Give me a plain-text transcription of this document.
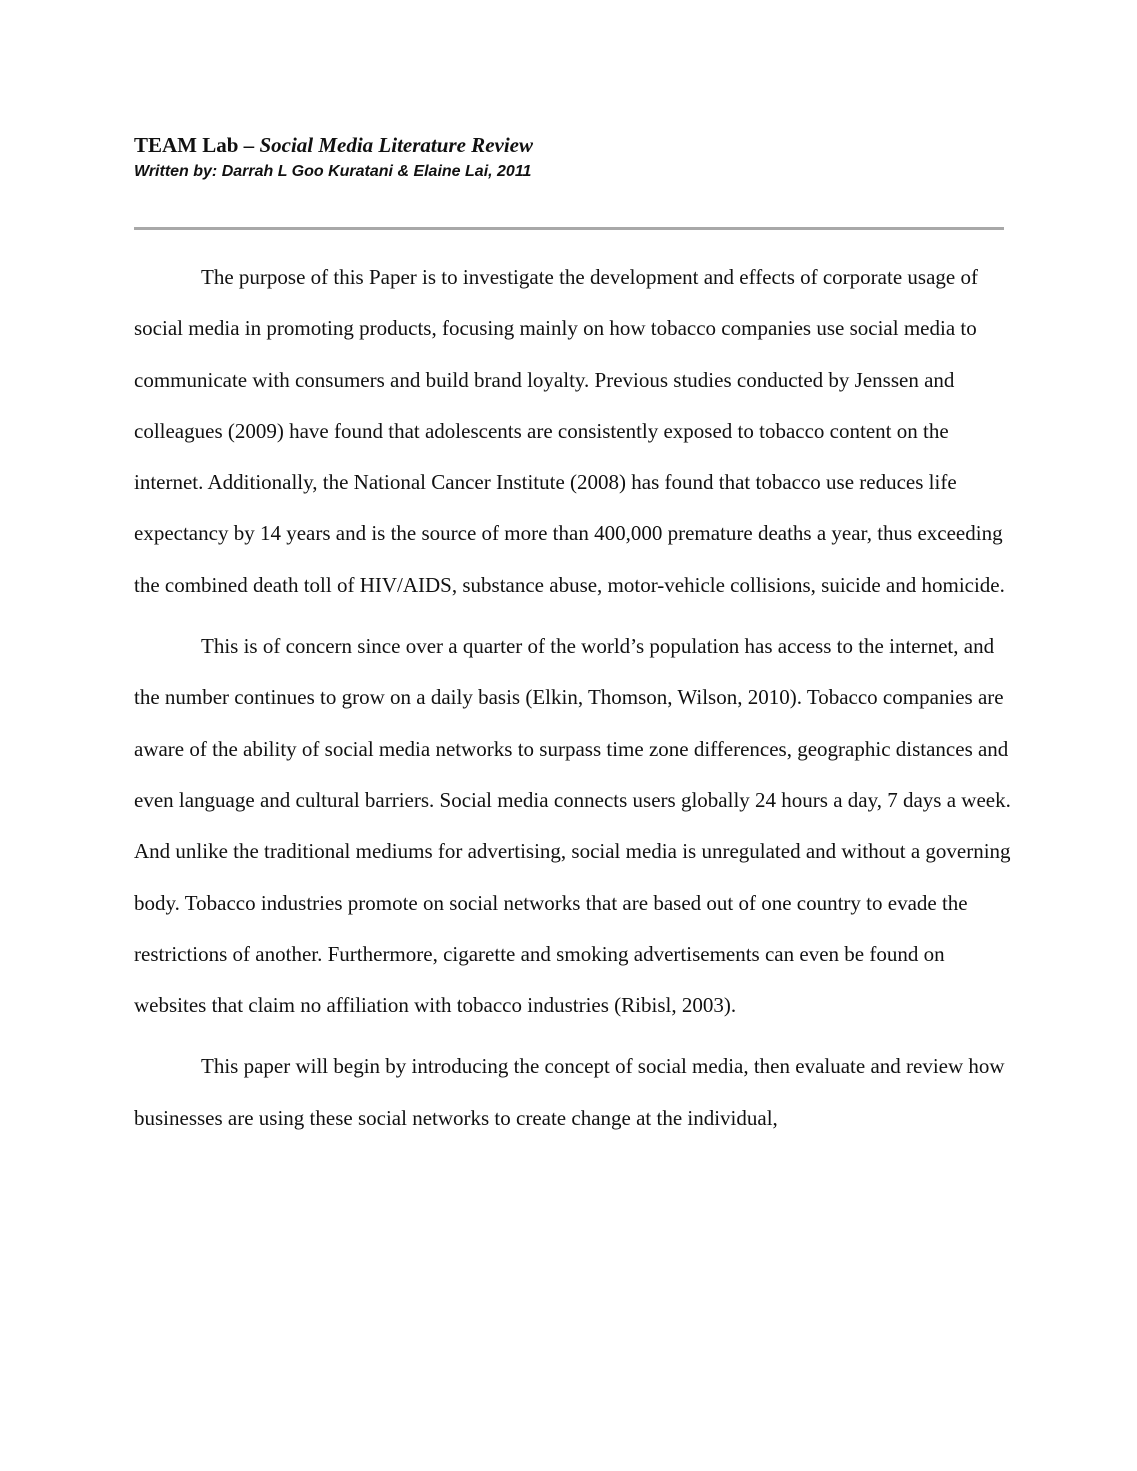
TEAM Lab – Social Media Literature Review

Written by: Darrah L Goo Kuratani & Elaine Lai, 2011

The purpose of this Paper is to investigate the development and effects of corporate usage of social media in promoting products, focusing mainly on how tobacco companies use social media to communicate with consumers and build brand loyalty. Previous studies conducted by Jenssen and colleagues (2009) have found that adolescents are consistently exposed to tobacco content on the internet. Additionally, the National Cancer Institute (2008) has found that tobacco use reduces life expectancy by 14 years and is the source of more than 400,000 premature deaths a year, thus exceeding the combined death toll of HIV/AIDS, substance abuse, motor-vehicle collisions, suicide and homicide.

This is of concern since over a quarter of the world’s population has access to the internet, and the number continues to grow on a daily basis (Elkin, Thomson, Wilson, 2010). Tobacco companies are aware of the ability of social media networks to surpass time zone differences, geographic distances and even language and cultural barriers. Social media connects users globally 24 hours a day, 7 days a week. And unlike the traditional mediums for advertising, social media is unregulated and without a governing body. Tobacco industries promote on social networks that are based out of one country to evade the restrictions of another. Furthermore, cigarette and smoking advertisements can even be found on websites that claim no affiliation with tobacco industries (Ribisl, 2003).

This paper will begin by introducing the concept of social media, then evaluate and review how businesses are using these social networks to create change at the individual,
